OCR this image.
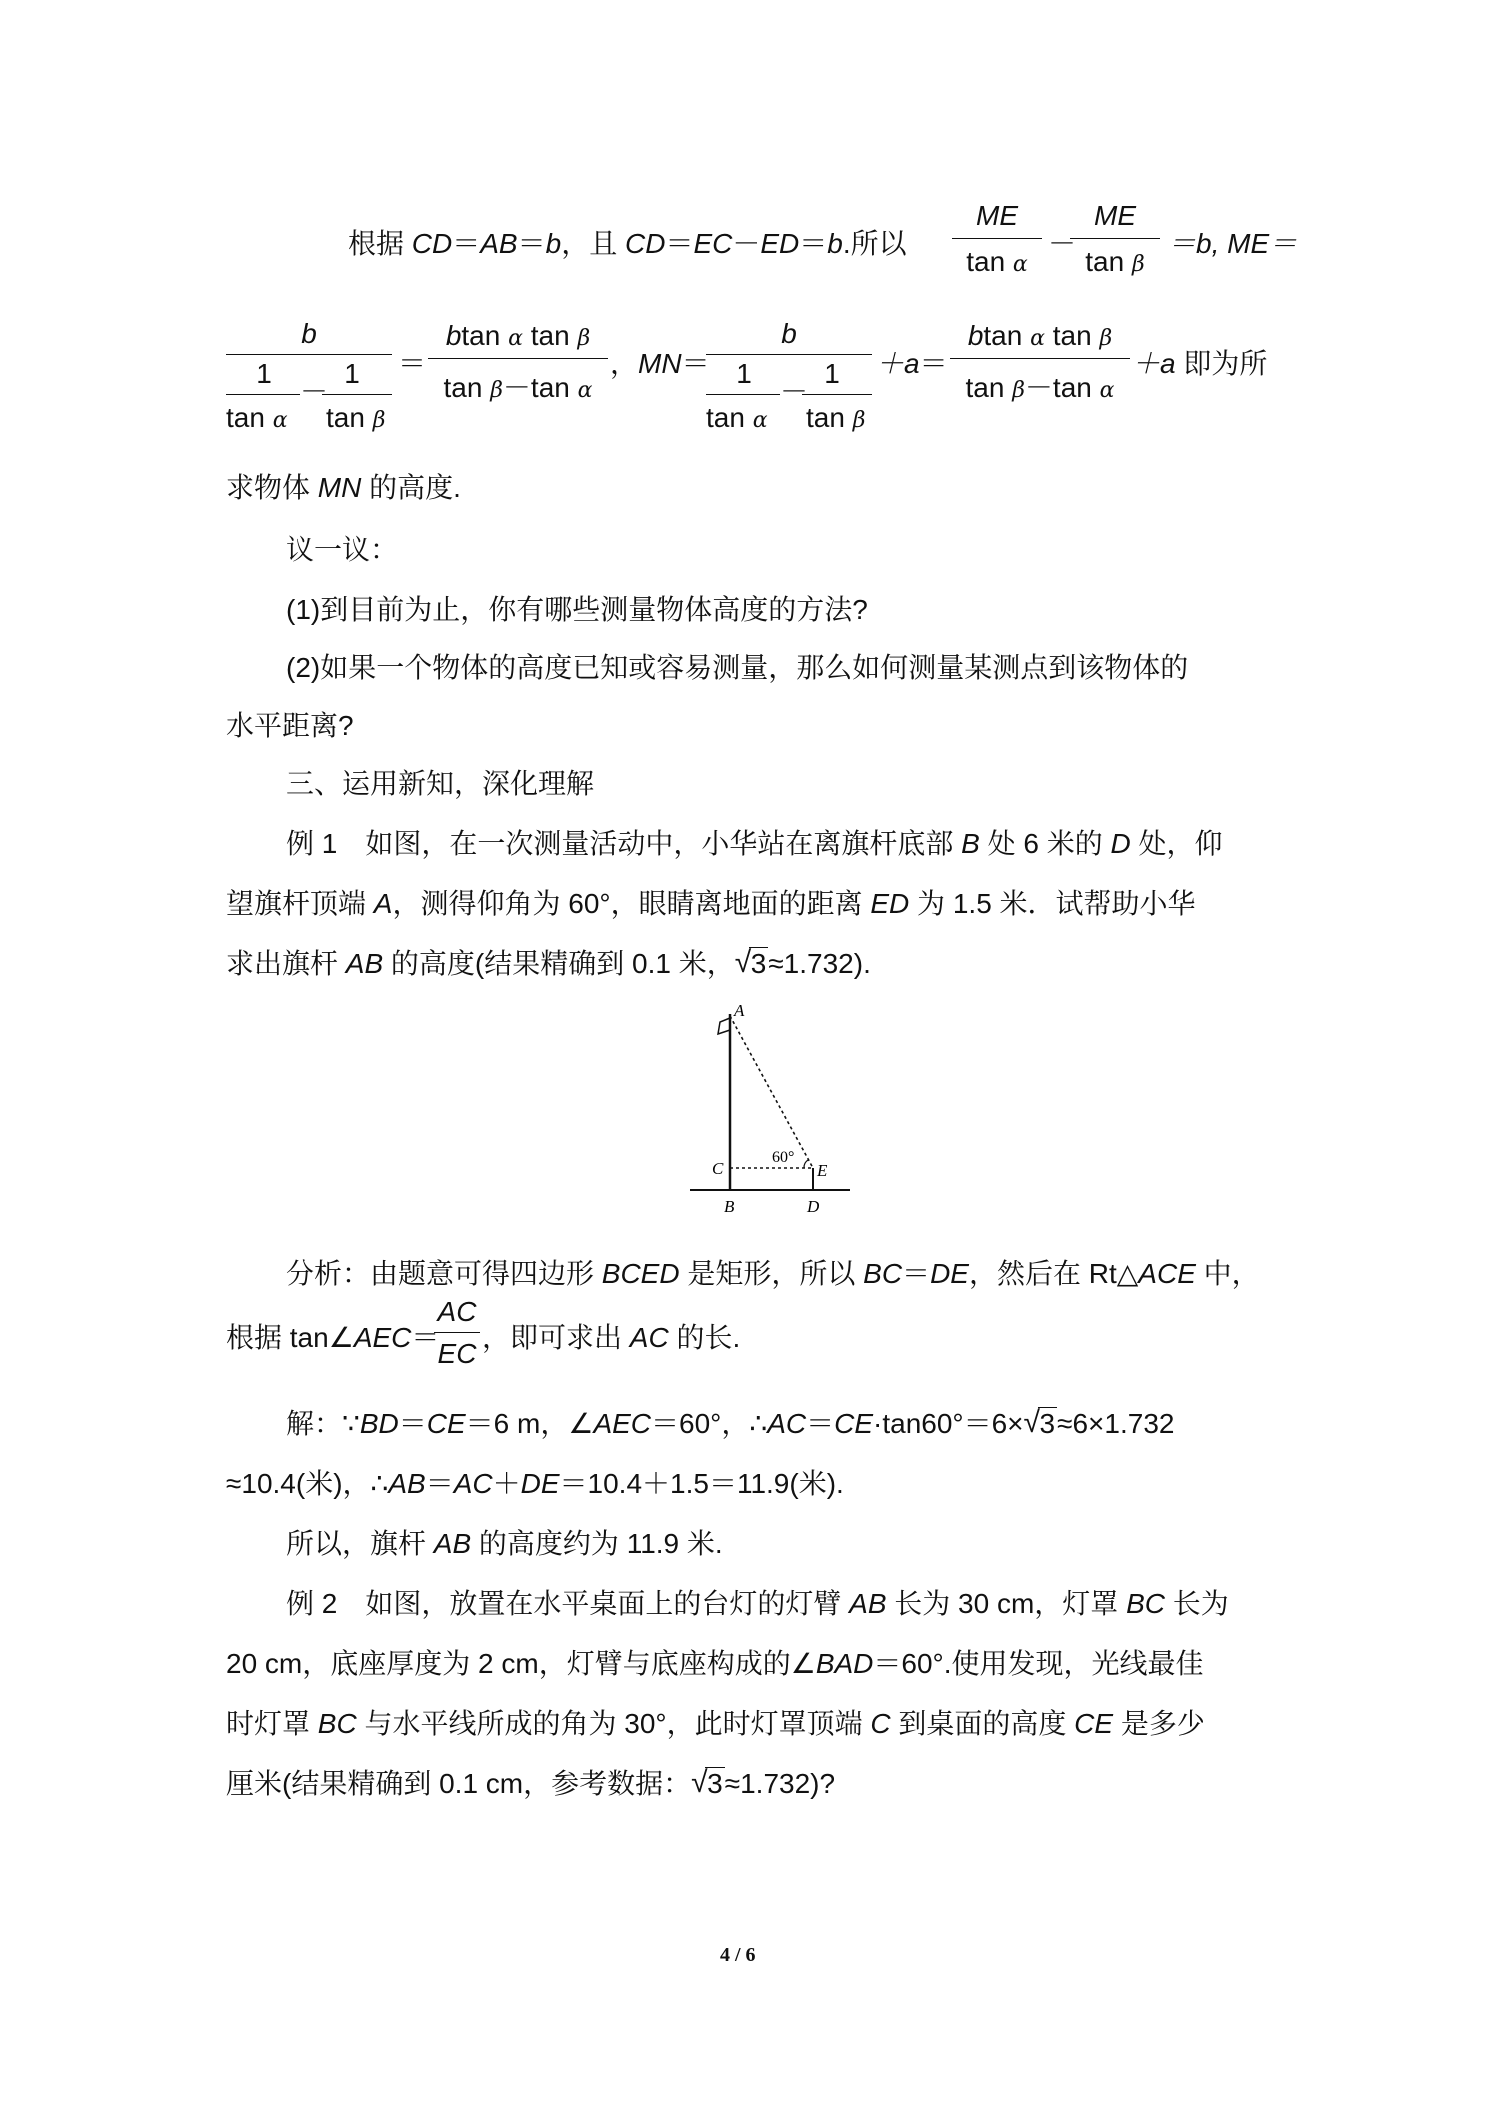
根据 CD＝AB＝b，且 CD＝EC－ED＝b.所以
ME
tan α
－
ME
tan β
＝b, ME＝
b
1
tan α
－
1
tan β
＝
btan α tan β
tan β－tan α
，MN＝
b
1
tan α
－
1
tan β
＋a＝
btan α tan β
tan β－tan α
＋a 即为所
求物体 MN 的高度.
议一议：
(1)到目前为止，你有哪些测量物体高度的方法?
(2)如果一个物体的高度已知或容易测量，那么如何测量某测点到该物体的
水平距离?
三、运用新知，深化理解
例 1　如图，在一次测量活动中，小华站在离旗杆底部 B 处 6 米的 D 处，仰
望旗杆顶端 A，测得仰角为 60°，眼睛离地面的距离 ED 为 1.5 米．试帮助小华
求出旗杆 AB 的高度(结果精确到 0.1 米， √ 3≈1.732).
A
C	E
B	D
60°
分析：由题意可得四边形 BCED 是矩形，所以 BC＝DE，然后在 Rt△ACE 中，
根据 tan∠AEC＝
AC
EC
，即可求出 AC 的长.
解：∵BD＝CE＝6 m，∠AEC＝60°，∴AC＝CE·tan60°＝6× √ 3≈6×1.732
≈10.4(米)，∴AB＝AC＋DE＝10.4＋1.5＝11.9(米).
所以，旗杆 AB 的高度约为 11.9 米.
例 2　如图，放置在水平桌面上的台灯的灯臂 AB 长为 30 cm，灯罩 BC 长为
20 cm，底座厚度为 2 cm，灯臂与底座构成的∠BAD＝60°.使用发现，光线最佳
时灯罩 BC 与水平线所成的角为 30°，此时灯罩顶端 C 到桌面的高度 CE 是多少
厘米(结果精确到 0.1 cm，参考数据： √ 3≈1.732)?
4 / 6
